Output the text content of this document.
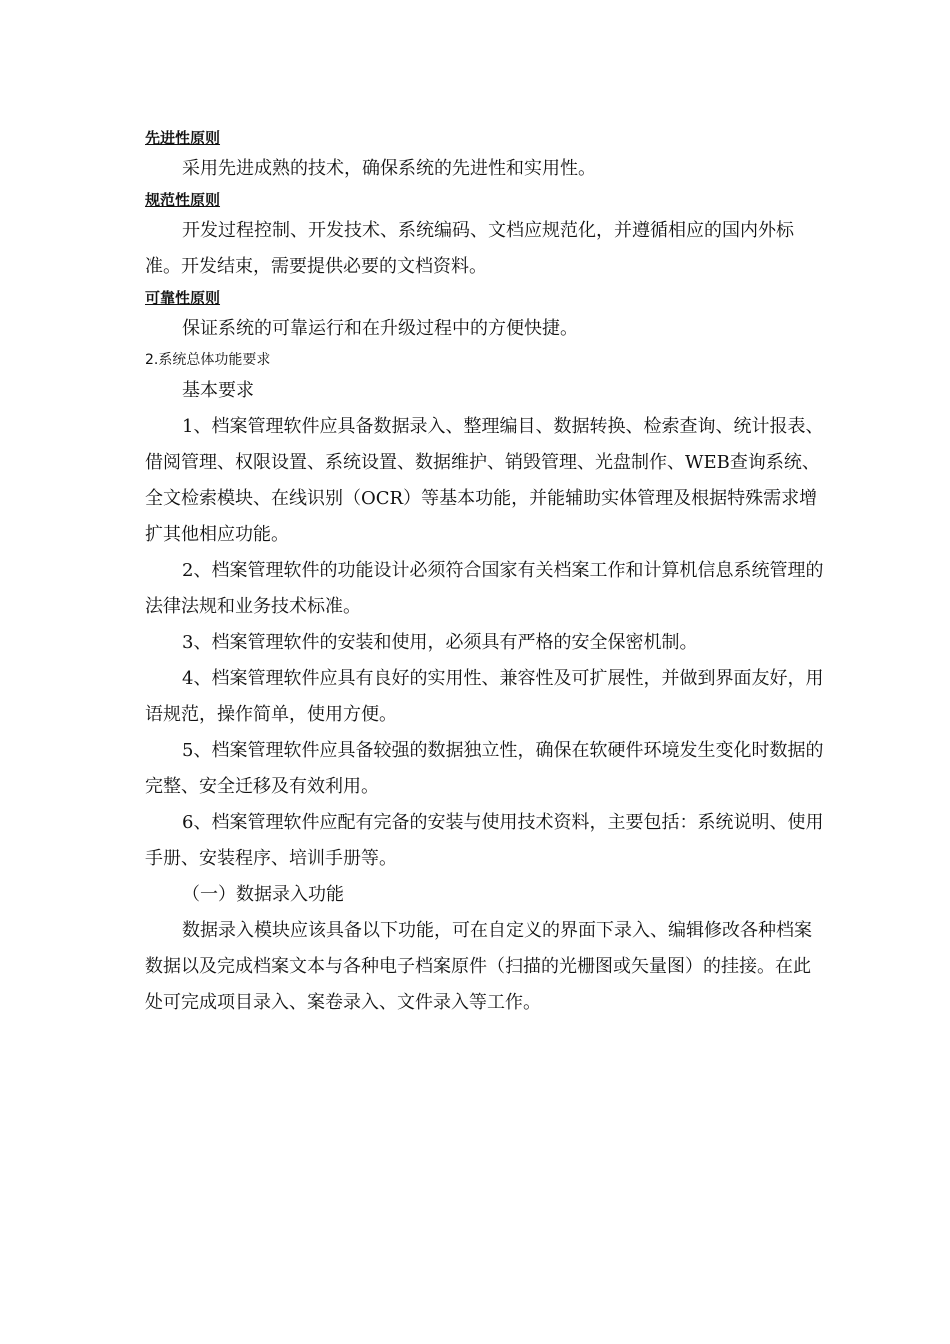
先进性原则

采用先进成熟的技术，确保系统的先进性和实用性。

规范性原则

开发过程控制、开发技术、系统编码、文档应规范化，并遵循相应的国内外标准。开发结束，需要提供必要的文档资料。

可靠性原则

保证系统的可靠运行和在升级过程中的方便快捷。

2.系统总体功能要求

基本要求

1、档案管理软件应具备数据录入、整理编目、数据转换、检索查询、统计报表、借阅管理、权限设置、系统设置、数据维护、销毁管理、光盘制作、WEB查询系统、全文检索模块、在线识别（OCR）等基本功能，并能辅助实体管理及根据特殊需求增扩其他相应功能。

2、档案管理软件的功能设计必须符合国家有关档案工作和计算机信息系统管理的法律法规和业务技术标准。

3、档案管理软件的安装和使用，必须具有严格的安全保密机制。

4、档案管理软件应具有良好的实用性、兼容性及可扩展性，并做到界面友好，用语规范，操作简单，使用方便。

5、档案管理软件应具备较强的数据独立性，确保在软硬件环境发生变化时数据的完整、安全迁移及有效利用。

6、档案管理软件应配有完备的安装与使用技术资料，主要包括：系统说明、使用手册、安装程序、培训手册等。

（一）数据录入功能

数据录入模块应该具备以下功能，可在自定义的界面下录入、编辑修改各种档案数据以及完成档案文本与各种电子档案原件（扫描的光栅图或矢量图）的挂接。在此处可完成项目录入、案卷录入、文件录入等工作。
